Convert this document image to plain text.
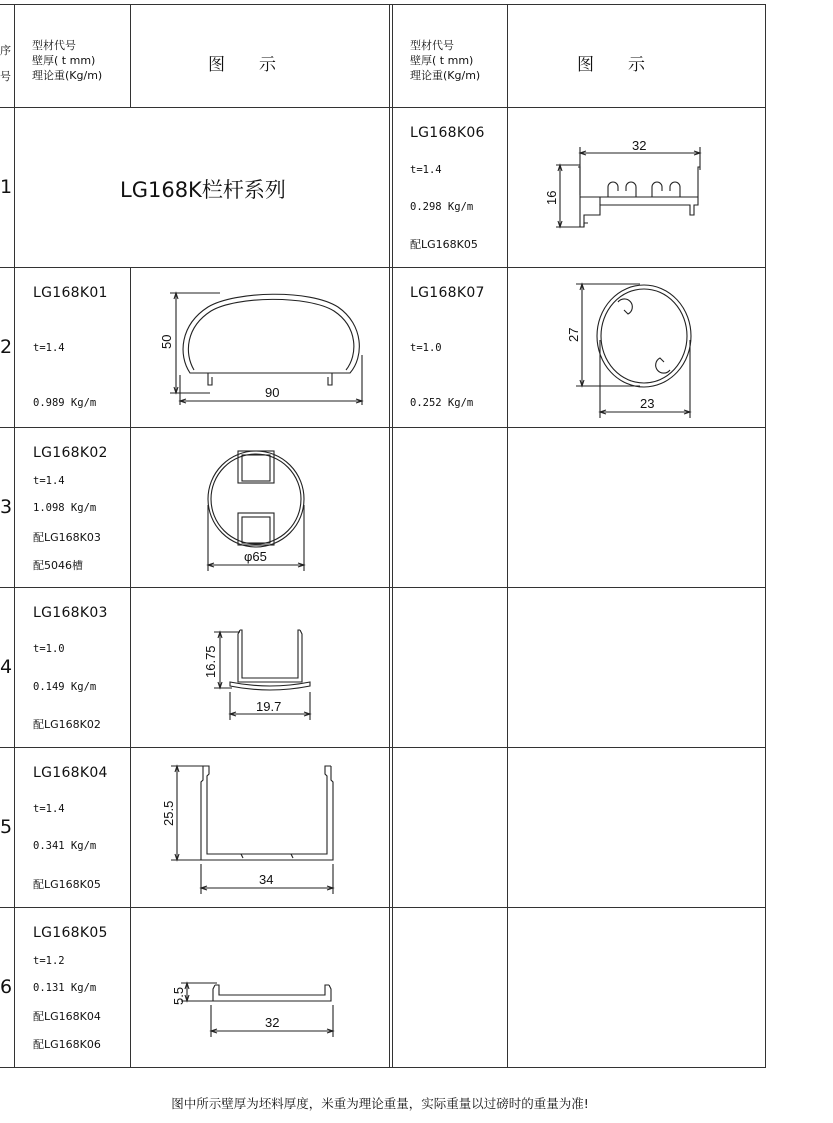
序
号
型材代号
壁厚( t mm)
理论重(Kg/m)
图　　示
型材代号
壁厚( t mm)
理论重(Kg/m)
图　　示
1
2
3
4
5
6
LG168K栏杆系列
LG168K06
t=1.4
0.298 Kg/m
配LG168K05
32
16
LG168K01
t=1.4
0.989 Kg/m
50
90
LG168K07
t=1.0
0.252 Kg/m
27
23
LG168K02
t=1.4
1.098 Kg/m
配LG168K03
配5046槽
φ65
LG168K03
t=1.0
0.149 Kg/m
配LG168K02
16.75
19.7
LG168K04
t=1.4
0.341 Kg/m
配LG168K05
25.5
34
LG168K05
t=1.2
0.131 Kg/m
配LG168K04
配LG168K06
5.5
32
图中所示壁厚为坯料厚度，米重为理论重量，实际重量以过磅时的重量为准!
